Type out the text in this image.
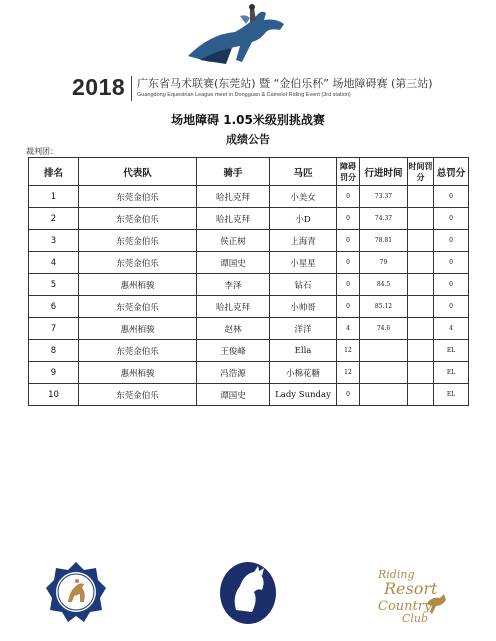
2018 广东省马术联赛(东莞站) 暨 “金伯乐杯” 场地障碍赛 (第三站)
Guangdong Equestrian League meet in Dongguan & Camelot Riding Event (3rd station)
场地障碍 1.05米级别挑战赛
成绩公告
裁判团：
排名	代表队	骑手	马匹	障碍罚分	行进时间	时间罚分	总罚分
1	东莞金伯乐	哈扎克拜	小美女	0	73.37		0
2	东莞金伯乐	哈扎克拜	小D	0	74.37		0
3	东莞金伯乐	侯正树	上海青	0	78.81		0
4	东莞金伯乐	谭国史	小星星	0	79		0
5	惠州栢骏	李泽	钻石	0	84.5		0
6	东莞金伯乐	哈扎克拜	小帅哥	0	85.12		0
7	惠州栢骏	赵林	洋洋	4	74.6		4
8	东莞金伯乐	王俊峰	Ella	12			EL
9	惠州栢骏	冯浩源	小棉花糖	12			EL
10	东莞金伯乐	谭国史	Lady Sunday	0			EL
Riding
Resort
Country
Club
